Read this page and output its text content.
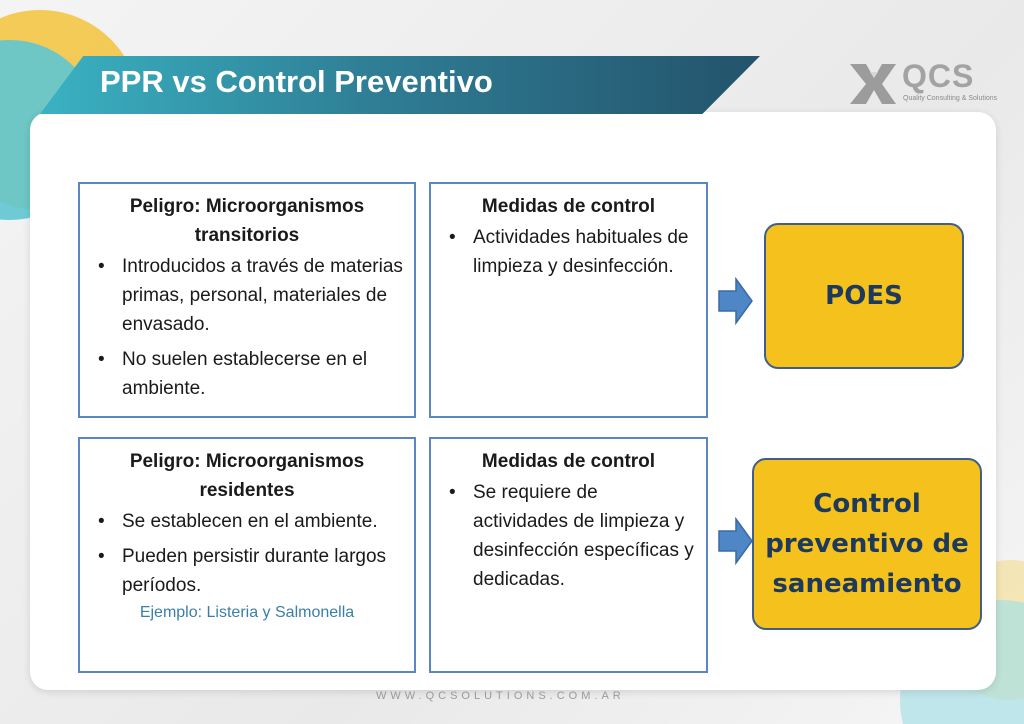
PPR vs Control Preventivo	QCS
Quality Consulting & Solutions
Peligro: Microorganismos transitorios
• Introducidos a través de materias primas, personal, materiales de envasado.
• No suelen establecerse en el ambiente.
Medidas de control
• Actividades habituales de limpieza y desinfección.
Peligro: Microorganismos residentes
• Se establecen en el ambiente.
• Pueden persistir durante largos períodos.
Ejemplo: Listeria y Salmonella
Medidas de control
• Se requiere de actividades de limpieza y desinfección específicas y dedicadas.
POES
Control preventivo de saneamiento
WWW.QCSOLUTIONS.COM.AR
